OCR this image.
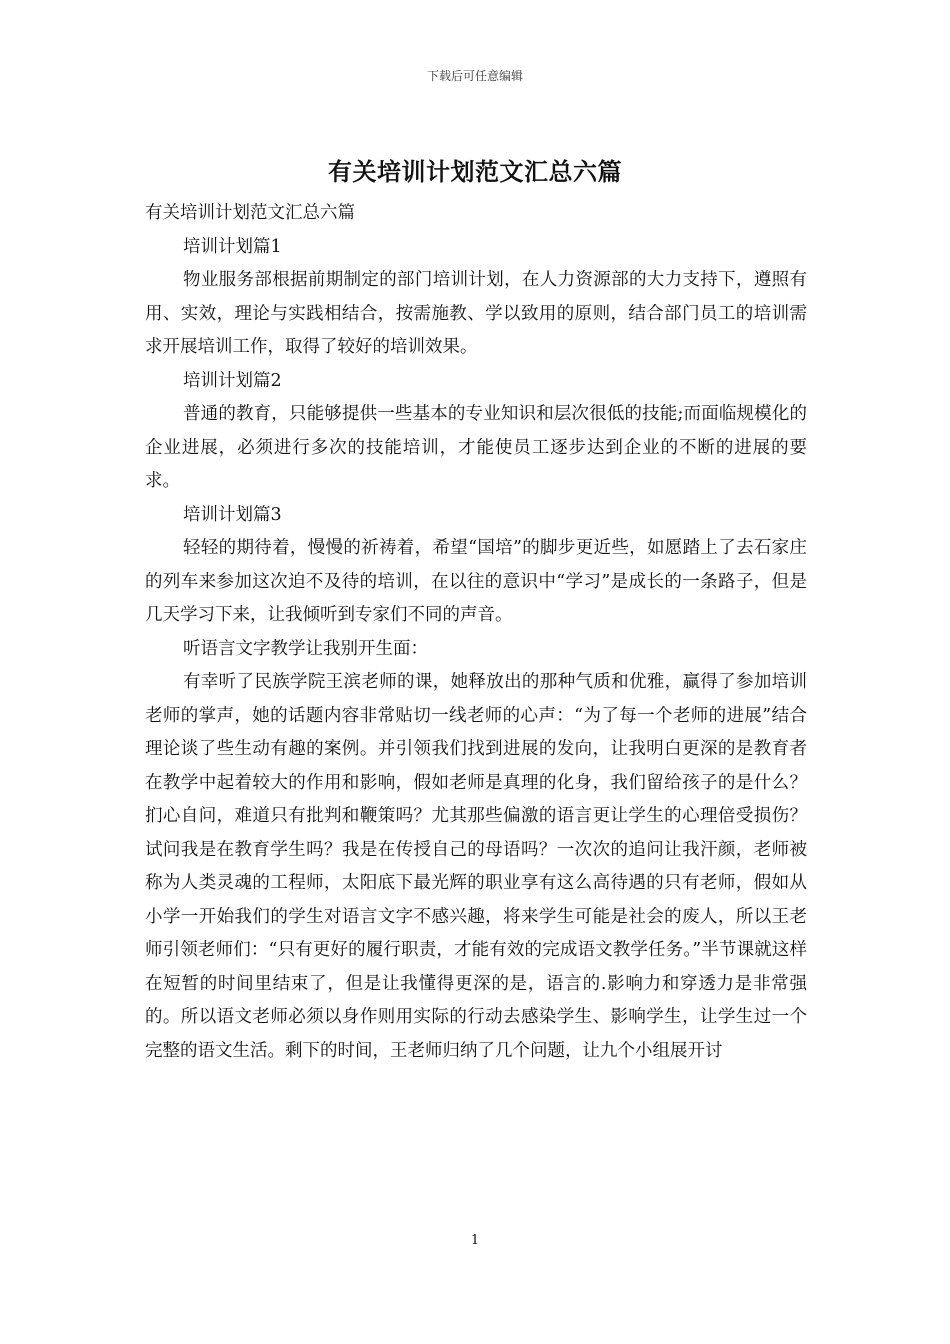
下载后可任意编辑
有关培训计划范文汇总六篇

有关培训计划范文汇总六篇

培训计划篇1

物业服务部根据前期制定的部门培训计划，在人力资源部的大力支持下，遵照有用、实效，理论与实践相结合，按需施教、学以致用的原则，结合部门员工的培训需求开展培训工作，取得了较好的培训效果。

培训计划篇2

普通的教育，只能够提供一些基本的专业知识和层次很低的技能;而面临规模化的企业进展，必须进行多次的技能培训，才能使员工逐步达到企业的不断的进展的要求。

培训计划篇3

轻轻的期待着，慢慢的祈祷着，希望“国培”的脚步更近些，如愿踏上了去石家庄的列车来参加这次迫不及待的培训，在以往的意识中“学习”是成长的一条路子，但是几天学习下来，让我倾听到专家们不同的声音。

听语言文字教学让我别开生面：

有幸听了民族学院王滨老师的课，她释放出的那种气质和优雅，赢得了参加培训老师的掌声，她的话题内容非常贴切一线老师的心声：“为了每一个老师的进展”结合理论谈了些生动有趣的案例。并引领我们找到进展的发向，让我明白更深的是教育者在教学中起着较大的作用和影响，假如老师是真理的化身，我们留给孩子的是什么？扪心自问，难道只有批判和鞭策吗？尤其那些偏激的语言更让学生的心理倍受损伤？试问我是在教育学生吗？我是在传授自己的母语吗？一次次的追问让我汗颜，老师被称为人类灵魂的工程师，太阳底下最光辉的职业享有这么高待遇的只有老师，假如从小学一开始我们的学生对语言文字不感兴趣，将来学生可能是社会的废人，所以王老师引领老师们：“只有更好的履行职责，才能有效的完成语文教学任务。”半节课就这样在短暂的时间里结束了，但是让我懂得更深的是，语言的.影响力和穿透力是非常强的。所以语文老师必须以身作则用实际的行动去感染学生、影响学生，让学生过一个完整的语文生活。剩下的时间，王老师归纳了几个问题，让九个小组展开讨

1
